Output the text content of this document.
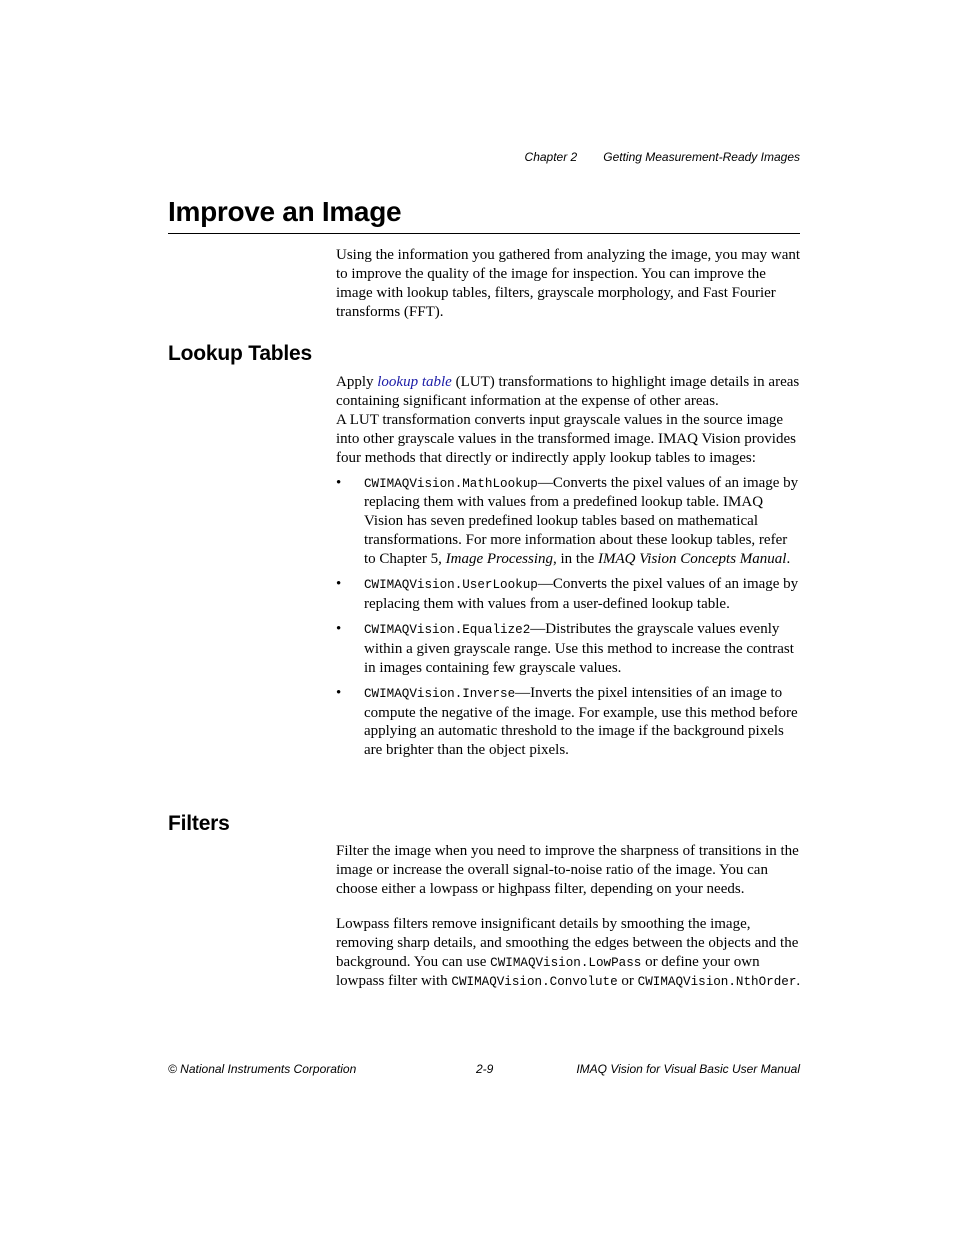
Chapter 2 Getting Measurement-Ready Images
Improve an Image

Using the information you gathered from analyzing the image, you may want to improve the quality of the image for inspection. You can improve the image with lookup tables, filters, grayscale morphology, and Fast Fourier transforms (FFT).

Lookup Tables

Apply lookup table (LUT) transformations to highlight image details in areas containing significant information at the expense of other areas.

A LUT transformation converts input grayscale values in the source image into other grayscale values in the transformed image. IMAQ Vision provides four methods that directly or indirectly apply lookup tables to images:

• CWIMAQVision.MathLookup—Converts the pixel values of an image by replacing them with values from a predefined lookup table. IMAQ Vision has seven predefined lookup tables based on mathematical transformations. For more information about these lookup tables, refer to Chapter 5, Image Processing, in the IMAQ Vision Concepts Manual.
• CWIMAQVision.UserLookup—Converts the pixel values of an image by replacing them with values from a user-defined lookup table.
• CWIMAQVision.Equalize2—Distributes the grayscale values evenly within a given grayscale range. Use this method to increase the contrast in images containing few grayscale values.
• CWIMAQVision.Inverse—Inverts the pixel intensities of an image to compute the negative of the image. For example, use this method before applying an automatic threshold to the image if the background pixels are brighter than the object pixels.
Filters

Filter the image when you need to improve the sharpness of transitions in the image or increase the overall signal-to-noise ratio of the image. You can choose either a lowpass or highpass filter, depending on your needs.

Lowpass filters remove insignificant details by smoothing the image, removing sharp details, and smoothing the edges between the objects and the background. You can use CWIMAQVision.LowPass or define your own lowpass filter with CWIMAQVision.Convolute or CWIMAQVision.NthOrder.

© National Instruments Corporation	2-9	IMAQ Vision for Visual Basic User Manual
